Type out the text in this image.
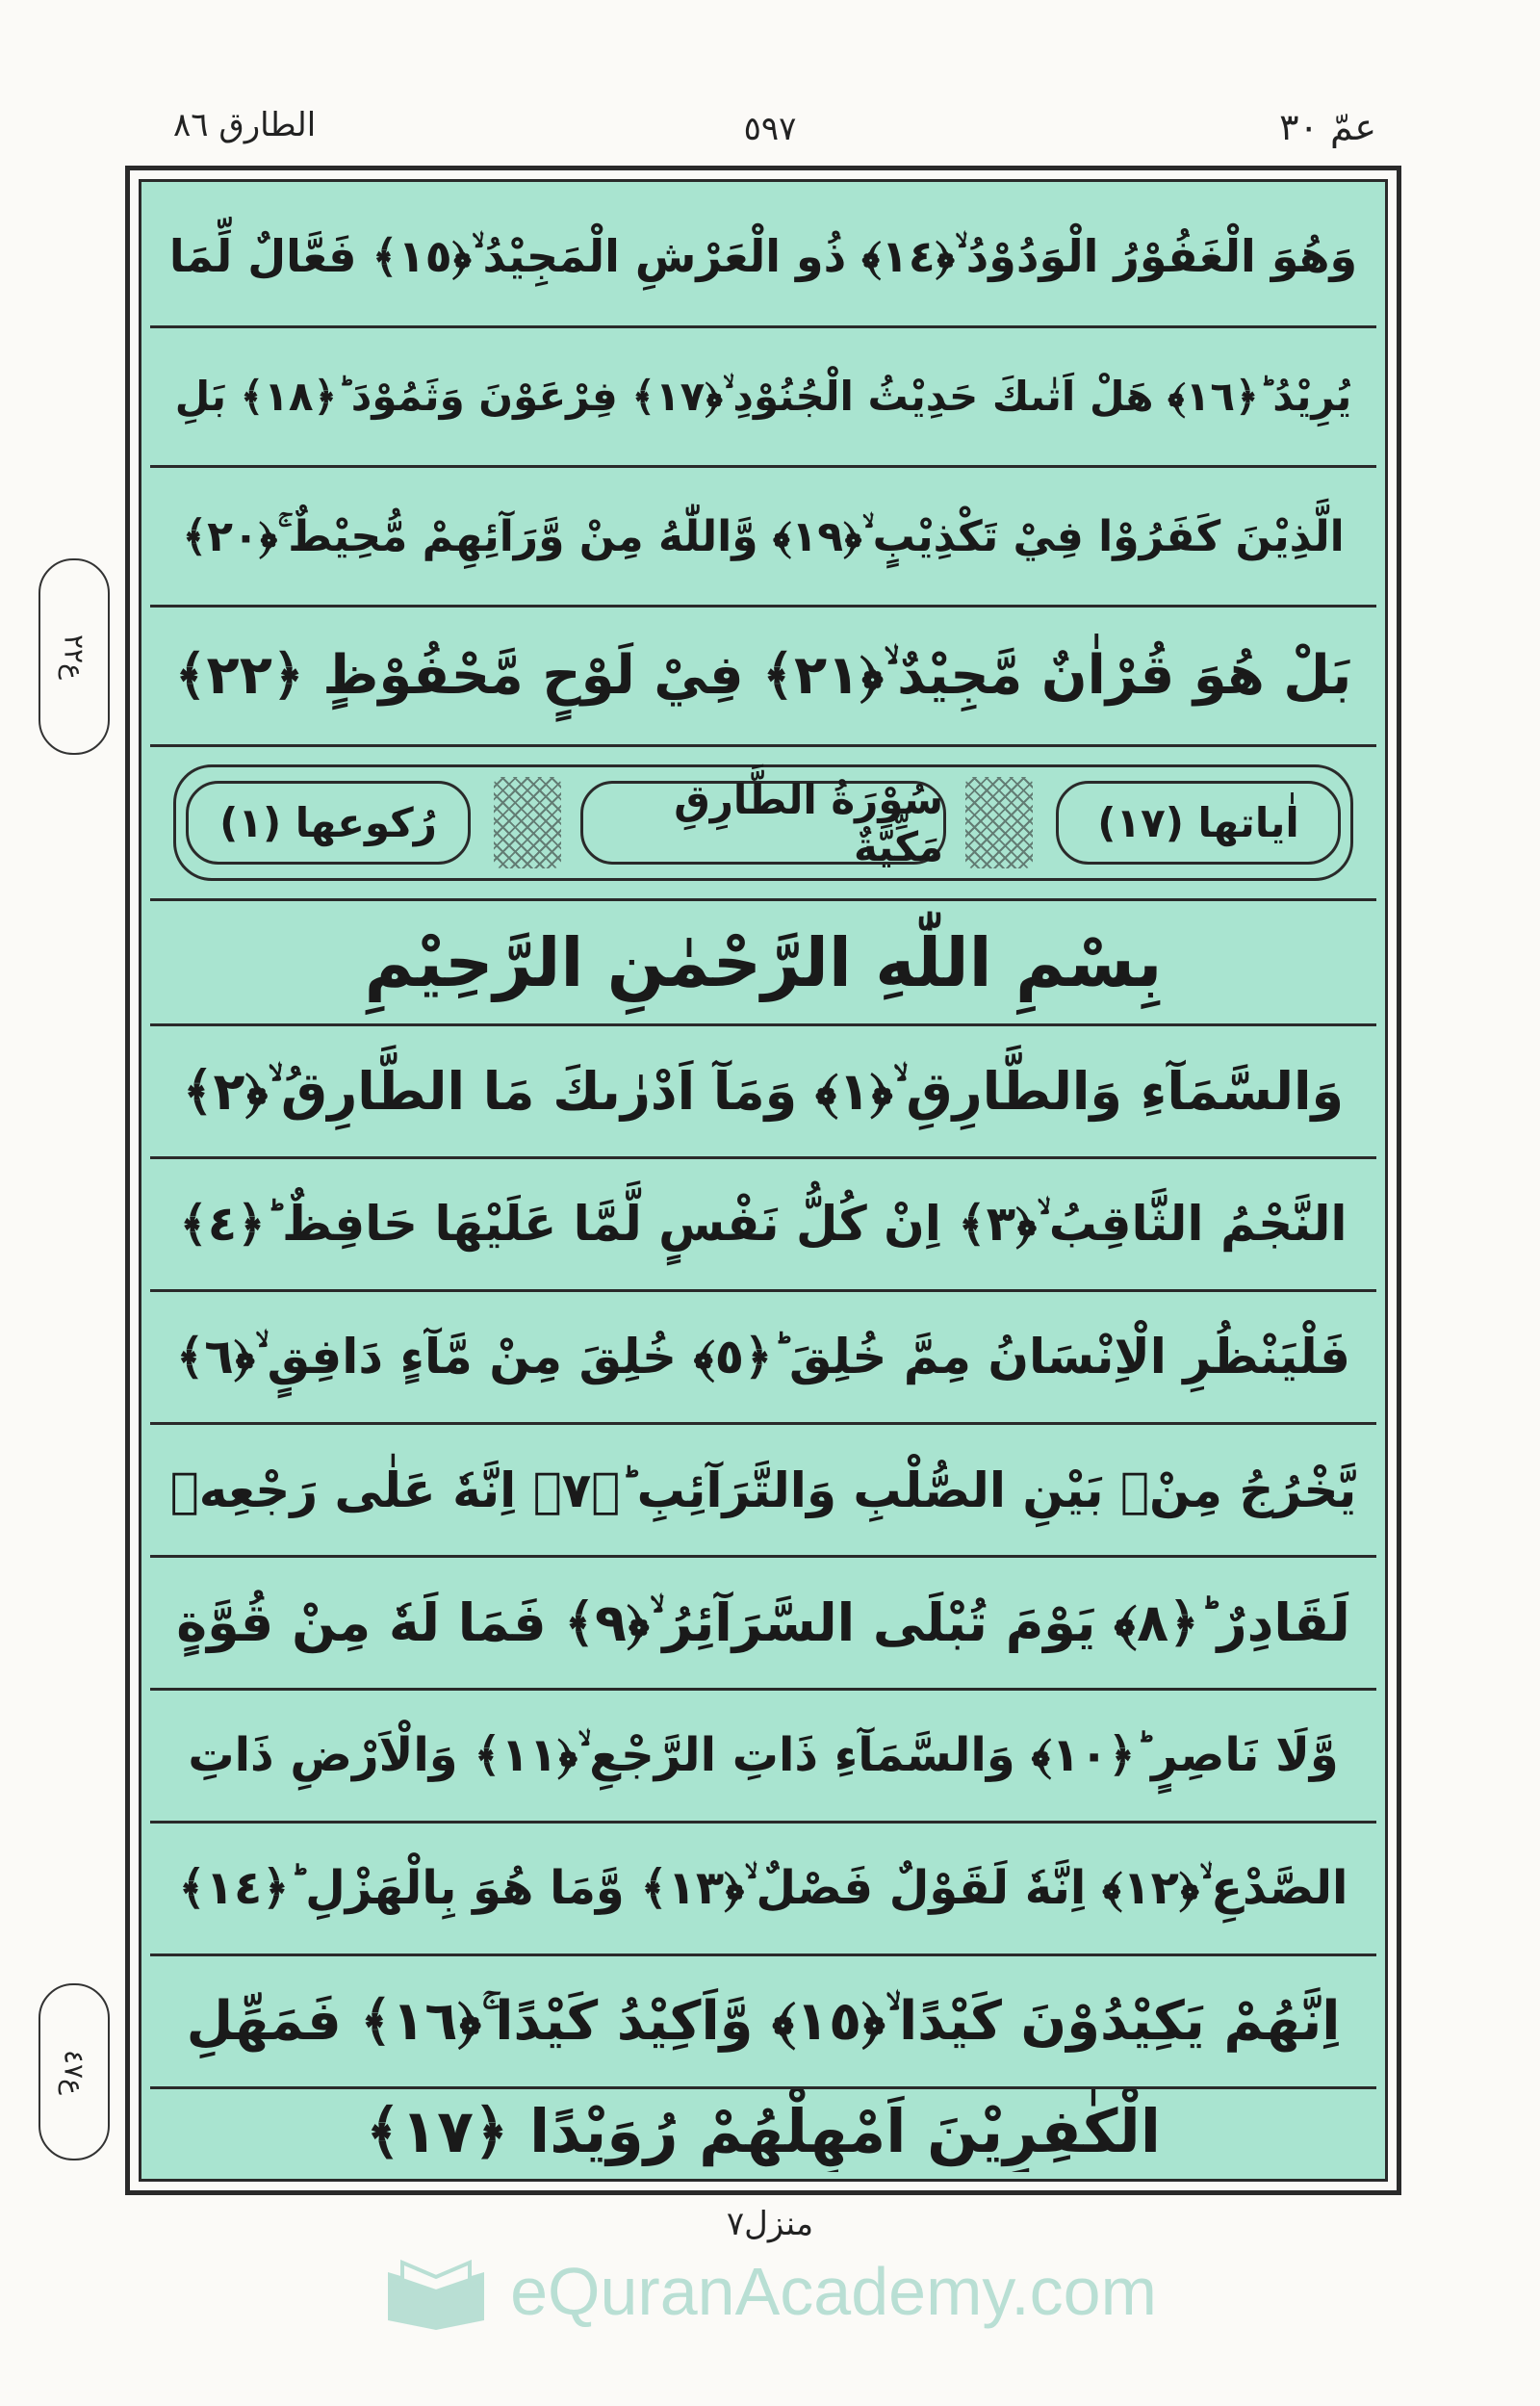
الطارق ٨٦	٥٩٧	عمّ ٣٠
ع٢٢
ع٤٧
وَهُوَ الْغَفُوْرُ الْوَدُوْدُ ۙ﴿١٤﴾ ذُو الْعَرْشِ الْمَجِيْدُ ۙ﴿١٥﴾ فَعَّالٌ لِّمَا
يُرِيْدُ ؕ﴿١٦﴾ هَلْ اَتٰىكَ حَدِيْثُ الْجُنُوْدِ ۙ﴿١٧﴾ فِرْعَوْنَ وَثَمُوْدَ ؕ﴿١٨﴾ بَلِ
الَّذِيْنَ كَفَرُوْا فِيْ تَكْذِيْبٍ ۙ﴿١٩﴾ وَّاللّٰهُ مِنْ وَّرَآئِهِمْ مُّحِيْطٌ ۚ﴿٢٠﴾
بَلْ هُوَ قُرْاٰنٌ مَّجِيْدٌ ۙ﴿٢١﴾ فِيْ لَوْحٍ مَّحْفُوْظٍ ﴿٢٢﴾
اٰياتها (١٧)
سُوْرَةُ الطَّارِقِ مَكِّيَّةٌ
رُكوعها (١)
بِسْمِ اللّٰهِ الرَّحْمٰنِ الرَّحِيْمِ
وَالسَّمَآءِ وَالطَّارِقِ ۙ﴿١﴾ وَمَآ اَدْرٰىكَ مَا الطَّارِقُ ۙ﴿٢﴾
النَّجْمُ الثَّاقِبُ ۙ﴿٣﴾ اِنْ كُلُّ نَفْسٍ لَّمَّا عَلَيْهَا حَافِظٌ ؕ﴿٤﴾
فَلْيَنْظُرِ الْاِنْسَانُ مِمَّ خُلِقَ ؕ﴿٥﴾ خُلِقَ مِنْ مَّآءٍ دَافِقٍ ۙ﴿٦﴾
يَّخْرُجُ مِنْۢ بَيْنِ الصُّلْبِ وَالتَّرَآئِبِ ؕ﴿٧﴾ اِنَّهٗ عَلٰى رَجْعِهٖ
لَقَادِرٌ ؕ﴿٨﴾ يَوْمَ تُبْلَى السَّرَآئِرُ ۙ﴿٩﴾ فَمَا لَهٗ مِنْ قُوَّةٍ
وَّلَا نَاصِرٍ ؕ﴿١٠﴾ وَالسَّمَآءِ ذَاتِ الرَّجْعِ ۙ﴿١١﴾ وَالْاَرْضِ ذَاتِ
الصَّدْعِ ۙ﴿١٢﴾ اِنَّهٗ لَقَوْلٌ فَصْلٌ ۙ﴿١٣﴾ وَّمَا هُوَ بِالْهَزْلِ ؕ﴿١٤﴾
اِنَّهُمْ يَكِيْدُوْنَ كَيْدًا ۙ﴿١٥﴾ وَّاَكِيْدُ كَيْدًا ۚ﴿١٦﴾ فَمَهِّلِ
الْكٰفِرِيْنَ اَمْهِلْهُمْ رُوَيْدًا ﴿١٧﴾
منزل٧
eQuranAcademy.com
